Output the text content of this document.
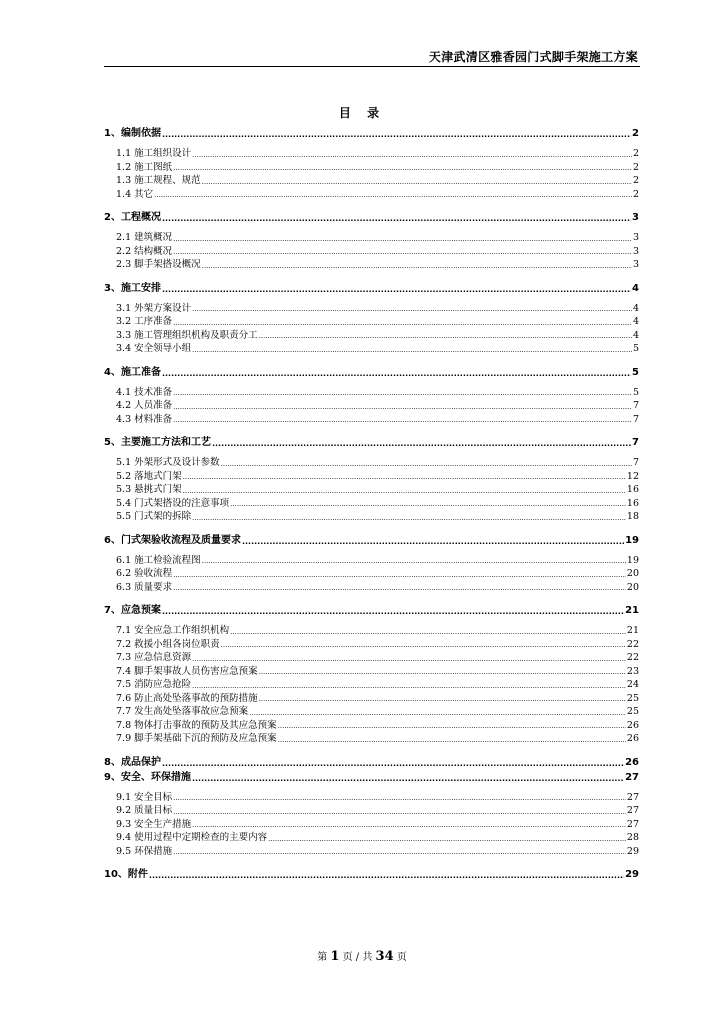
天津武清区雅香园门式脚手架施工方案
目 录
1、编制依据 .....	2
1.1 施工组织设计 .....	2
1.2 施工图纸 .....	2
1.3 施工规程、规范 .....	2
1.4 其它 .....	2
2、工程概况 .....	3
2.1 建筑概况 .....	3
2.2 结构概况 .....	3
2.3 脚手架搭设概况 .....	3
3、施工安排 .....	4
3.1 外架方案设计 .....	4
3.2 工序准备 .....	4
3.3 施工管理组织机构及职责分工 .....	4
3.4 安全领导小组 .....	5
4、施工准备 .....	5
4.1 技术准备 .....	5
4.2 人员准备 .....	7
4.3 材料准备 .....	7
5、主要施工方法和工艺 .....	7
5.1 外架形式及设计参数 .....	7
5.2 落地式门架 .....	12
5.3 悬挑式门架 .....	16
5.4 门式架搭设的注意事项 .....	16
5.5 门式架的拆除 .....	18
6、门式架验收流程及质量要求 .....	19
6.1 施工检验流程图 .....	19
6.2 验收流程 .....	20
6.3 质量要求 .....	20
7、应急预案 .....	21
7.1 安全应急工作组织机构 .....	21
7.2 救援小组各岗位职责 .....	22
7.3 应急信息资源 .....	22
7.4 脚手架事故人员伤害应急预案 .....	23
7.5 消防应急抢险 .....	24
7.6 防止高处坠落事故的预防措施 .....	25
7.7 发生高处坠落事故应急预案 .....	25
7.8 物体打击事故的预防及其应急预案 .....	26
7.9 脚手架基础下沉的预防及应急预案 .....	26
8、成品保护 .....	26
9、安全、环保措施 .....	27
9.1 安全目标 .....	27
9.2 质量目标 .....	27
9.3 安全生产措施 .....	27
9.4 使用过程中定期检查的主要内容 .....	28
9.5 环保措施 .....	29
10、附件 .....	29
第 1 页 / 共 34 页
